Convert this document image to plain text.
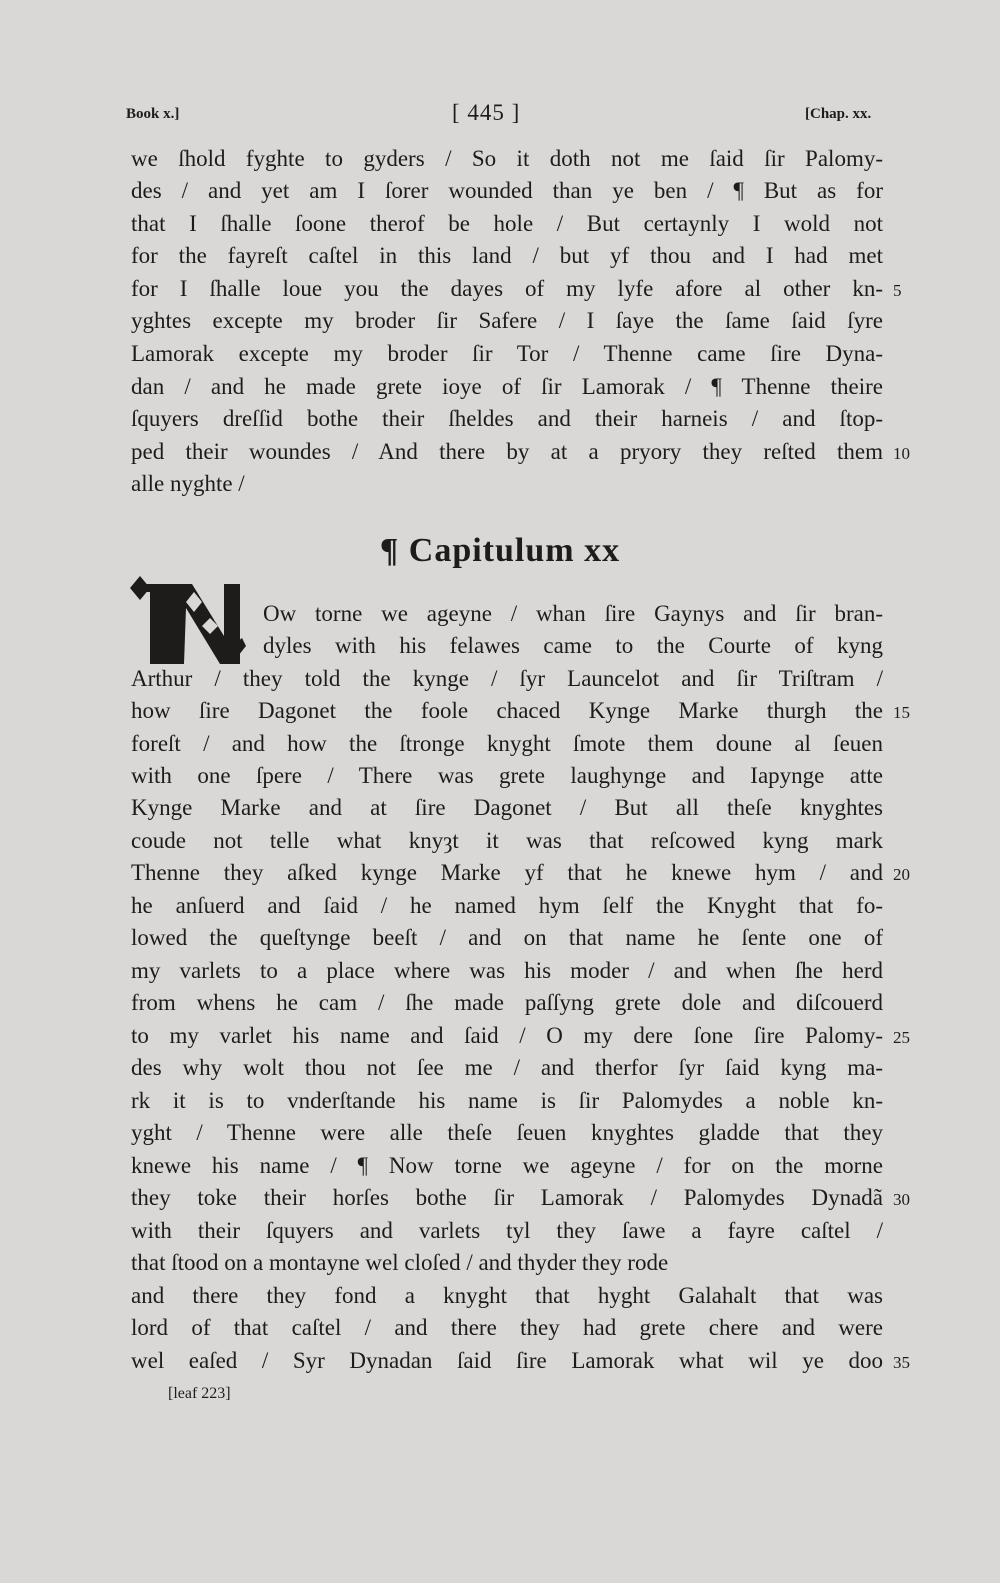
Book x.]	[ 445 ]	[Chap. xx.
we ſhold fyghte to gyders / So it doth not me ſaid ſir Palomy-
des / and yet am I ſorer wounded than ye ben / ¶ But as for
that I ſhalle ſoone therof be hole / But certaynly I wold not
for the fayreſt caſtel in this land / but yf thou and I had met
for I ſhalle loue you the dayes of my lyfe afore al other kn-
yghtes excepte my broder ſir Safere / I ſaye the ſame ſaid ſyre
Lamorak excepte my broder ſir Tor / Thenne came ſire Dyna-
dan / and he made grete ioye of ſir Lamorak / ¶ Thenne theire
ſquyers dreſſid bothe their ſheldes and their harneis / and ſtop-
ped their woundes / And there by at a pryory they reſted them
alle nyghte /
¶ Capitulum xx
Ow torne we ageyne / whan ſire Gaynys and ſir bran-
dyles with his felawes came to the Courte of kyng
Arthur / they told the kynge / ſyr Launcelot and ſir Triſtram /
how ſire Dagonet the foole chaced Kynge Marke thurgh the
foreſt / and how the ſtronge knyght ſmote them doune al ſeuen
with one ſpere / There was grete laughynge and Iapynge atte
Kynge Marke and at ſire Dagonet / But all theſe knyghtes
coude not telle what knyȝt it was that reſcowed kyng mark
Thenne they aſked kynge Marke yf that he knewe hym / and
he anſuerd and ſaid / he named hym ſelf the Knyght that fo-
lowed the queſtynge beeſt / and on that name he ſente one of
my varlets to a place where was his moder / and when ſhe herd
from whens he cam / ſhe made paſſyng grete dole and diſcouerd
to my varlet his name and ſaid / O my dere ſone ſire Palomy-
des why wolt thou not ſee me / and therfor ſyr ſaid kyng ma-
rk it is to vnderſtande his name is ſir Palomydes a noble kn-
yght / Thenne were alle theſe ſeuen knyghtes gladde that they
knewe his name / ¶ Now torne we ageyne / for on the morne
they toke their horſes bothe ſir Lamorak / Palomydes Dynadã
with their ſquyers and varlets tyl they ſawe a fayre caſtel /
that ſtood on a montayne wel cloſed / and thyder they rode
and there they fond a knyght that hyght Galahalt that was
lord of that caſtel / and there they had grete chere and were
wel eaſed / Syr Dynadan ſaid ſire Lamorak what wil ye doo
5
10
15
20
25
30
35
[leaf 223]
